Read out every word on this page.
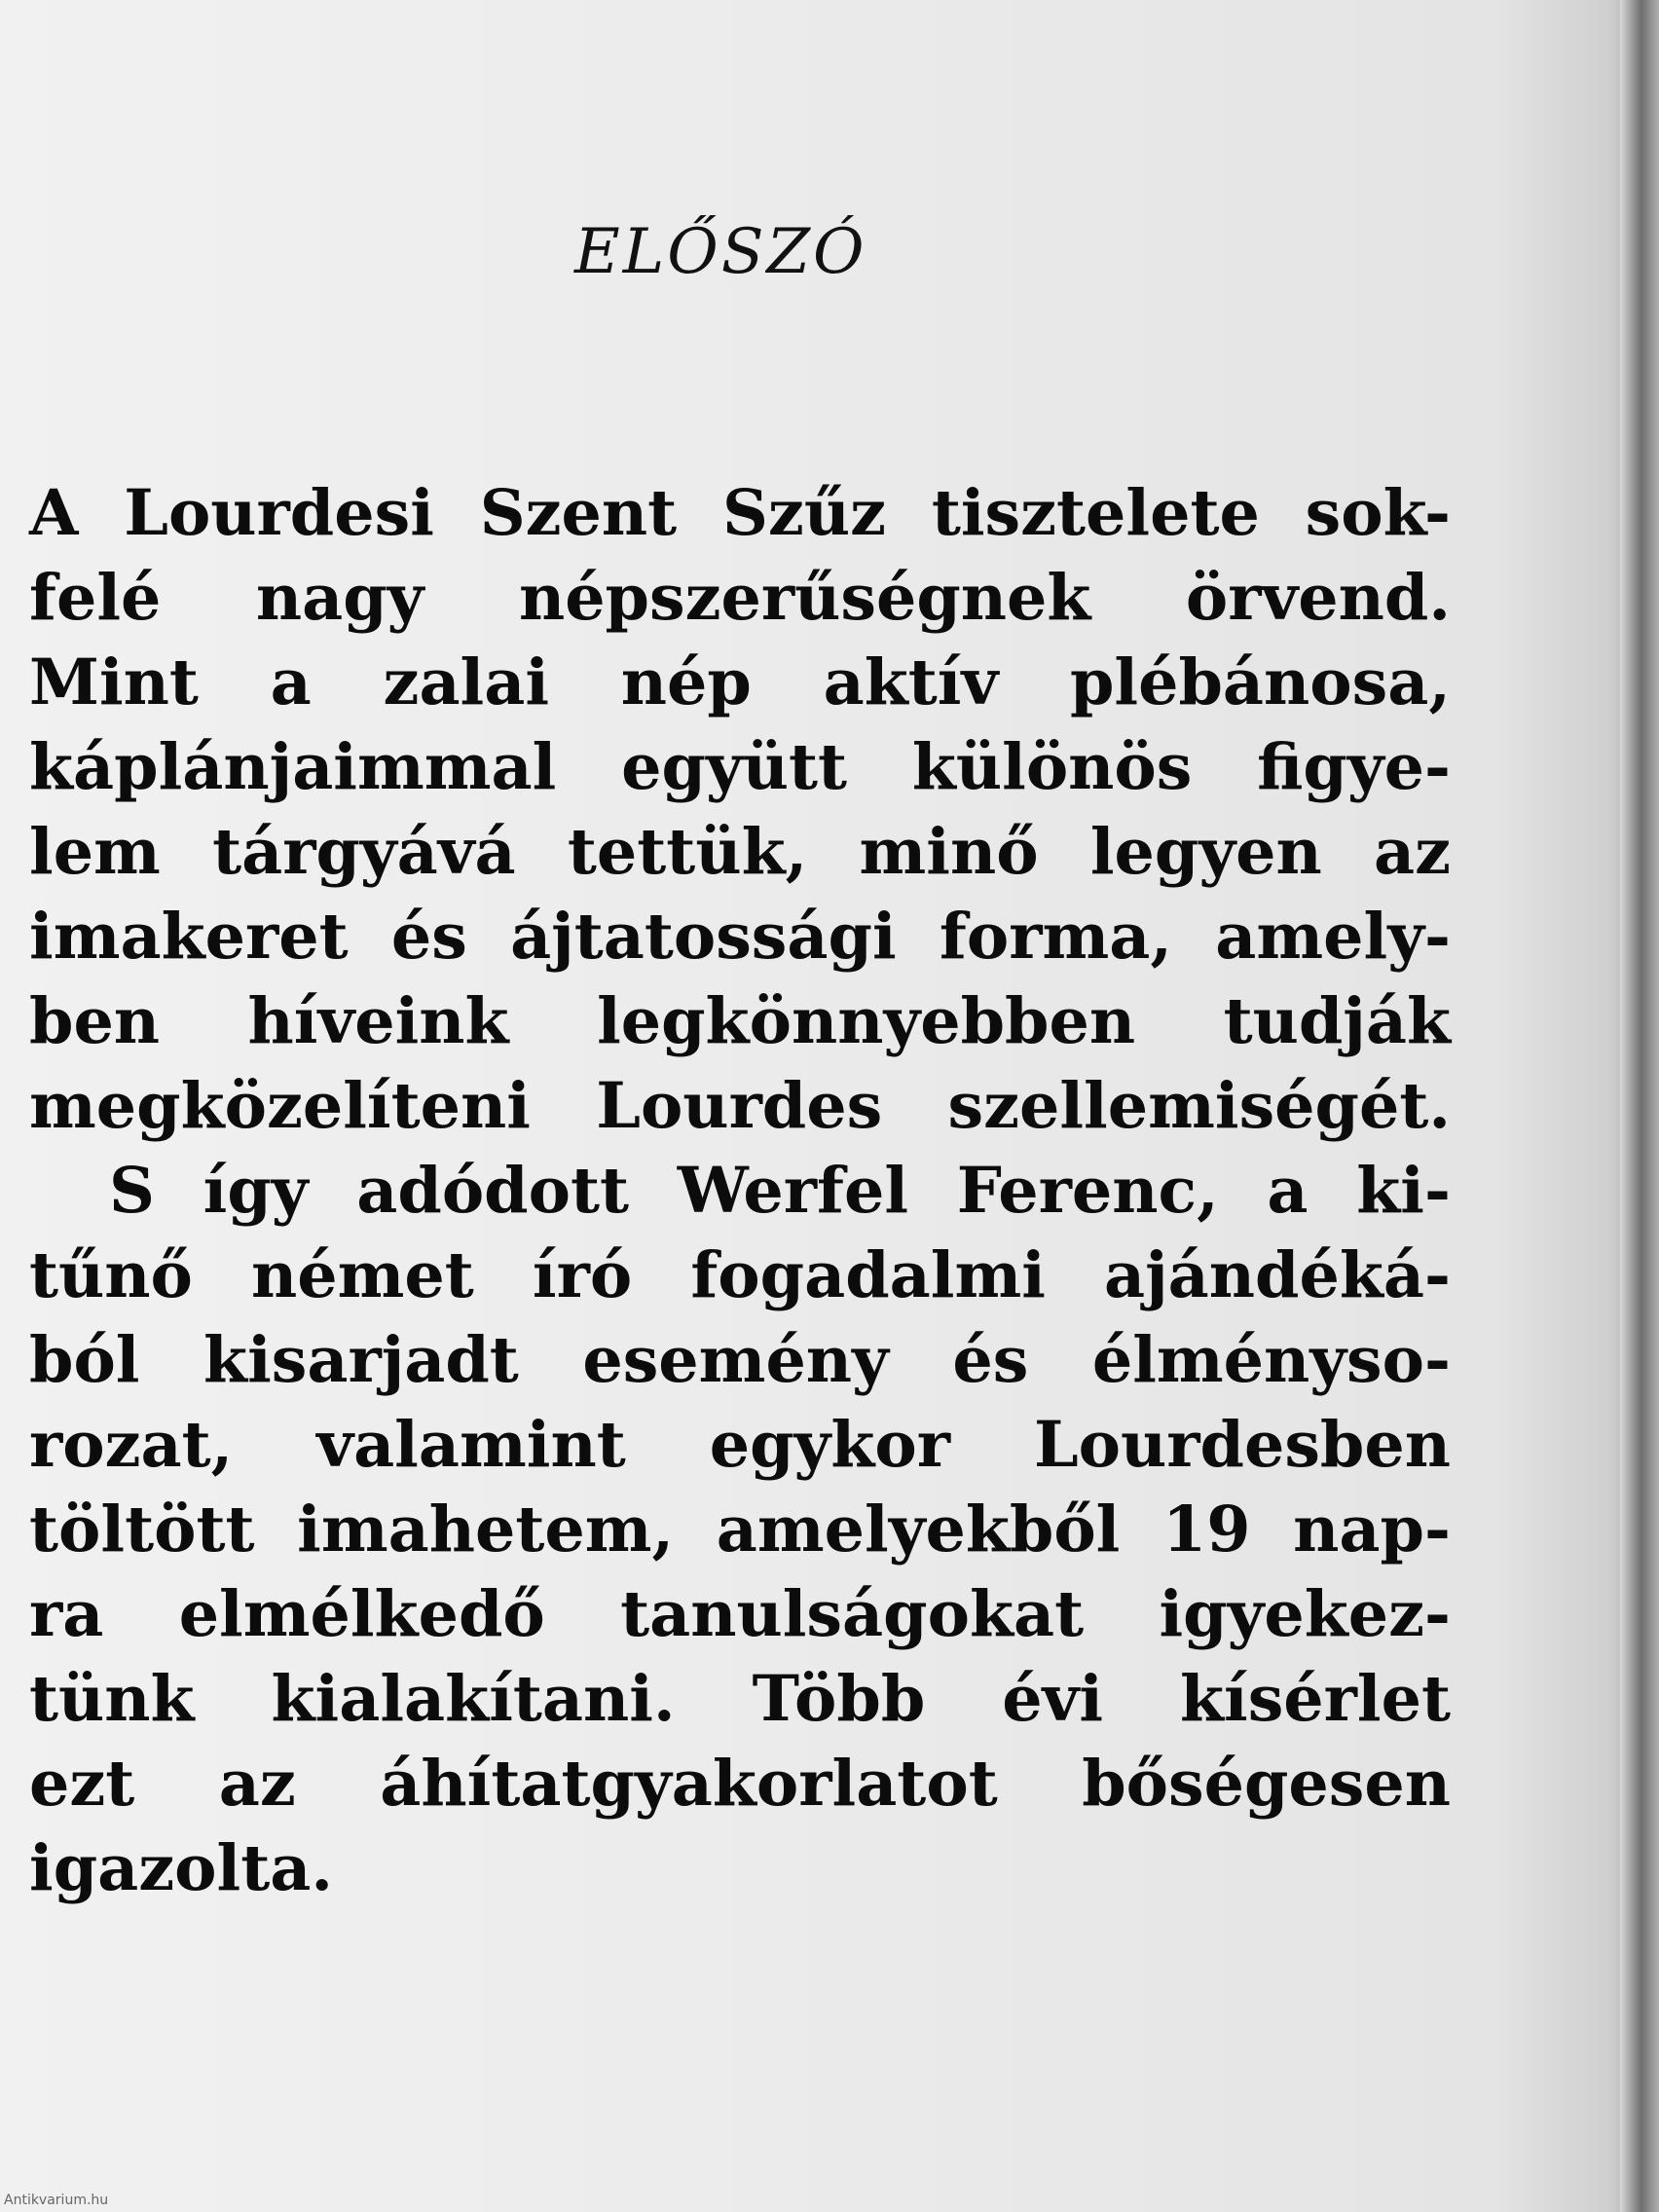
ELŐSZÓ
A Lourdesi Szent Szűz tisztelete sok-
felé nagy népszerűségnek örvend.
Mint a zalai nép aktív plébánosa,
káplánjaimmal együtt különös figye-
lem tárgyává tettük, minő legyen az
imakeret és ájtatossági forma, amely-
ben híveink legkönnyebben tudják
megközelíteni Lourdes szellemiségét.
S így adódott Werfel Ferenc, a ki-
tűnő német író fogadalmi ajándéká-
ból kisarjadt esemény és élménysο-
rozat, valamint egykor Lourdesben
töltött imahetem, amelyekből 19 nap-
ra elmélkedő tanulságokat igyekez-
tünk kialakítani. Több évi kísérlet
ezt az áhítatgyakorlatot bőségesen
igazolta.
Antikvarium.hu
